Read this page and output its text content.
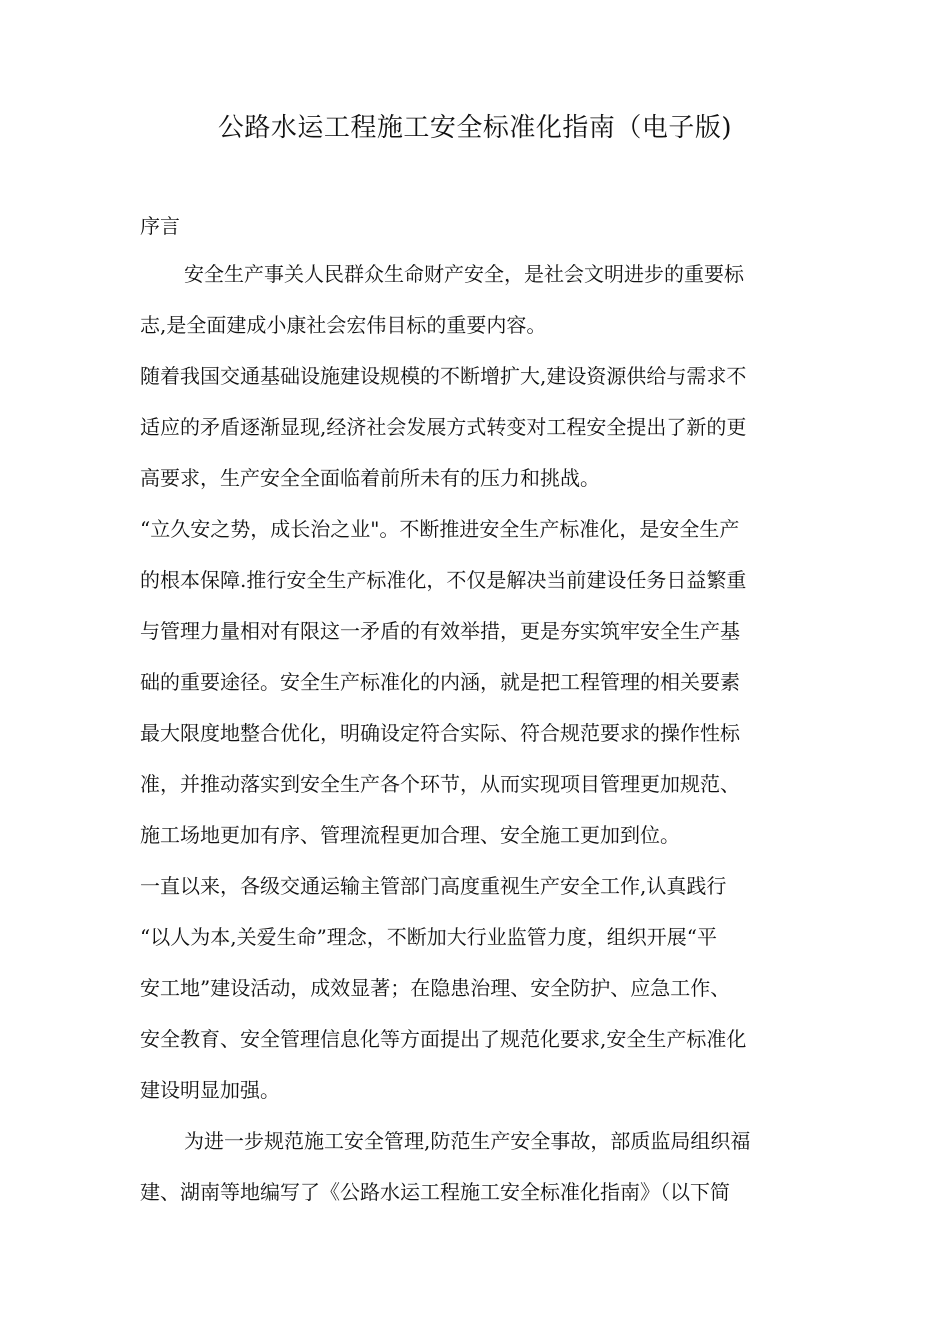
公路水运工程施工安全标准化指南（电子版)
序言
安全生产事关人民群众生命财产安全，是社会文明进步的重要标
志,是全面建成小康社会宏伟目标的重要内容。
随着我国交通基础设施建设规模的不断增扩大,建设资源供给与需求不
适应的矛盾逐渐显现,经济社会发展方式转变对工程安全提出了新的更
高要求，生产安全全面临着前所未有的压力和挑战。
“立久安之势，成长治之业"。不断推进安全生产标准化，是安全生产
的根本保障.推行安全生产标准化，不仅是解决当前建设任务日益繁重
与管理力量相对有限这一矛盾的有效举措，更是夯实筑牢安全生产基
础的重要途径。安全生产标准化的内涵，就是把工程管理的相关要素
最大限度地整合优化，明确设定符合实际、符合规范要求的操作性标
准，并推动落实到安全生产各个环节，从而实现项目管理更加规范、
施工场地更加有序、管理流程更加合理、安全施工更加到位。
一直以来，各级交通运输主管部门高度重视生产安全工作,认真践行
“以人为本,关爱生命”理念，不断加大行业监管力度，组织开展“平
安工地”建设活动，成效显著；在隐患治理、安全防护、应急工作、
安全教育、安全管理信息化等方面提出了规范化要求,安全生产标准化
建设明显加强。
为进一步规范施工安全管理,防范生产安全事故，部质监局组织福
建、湖南等地编写了《公路水运工程施工安全标准化指南》（以下简
